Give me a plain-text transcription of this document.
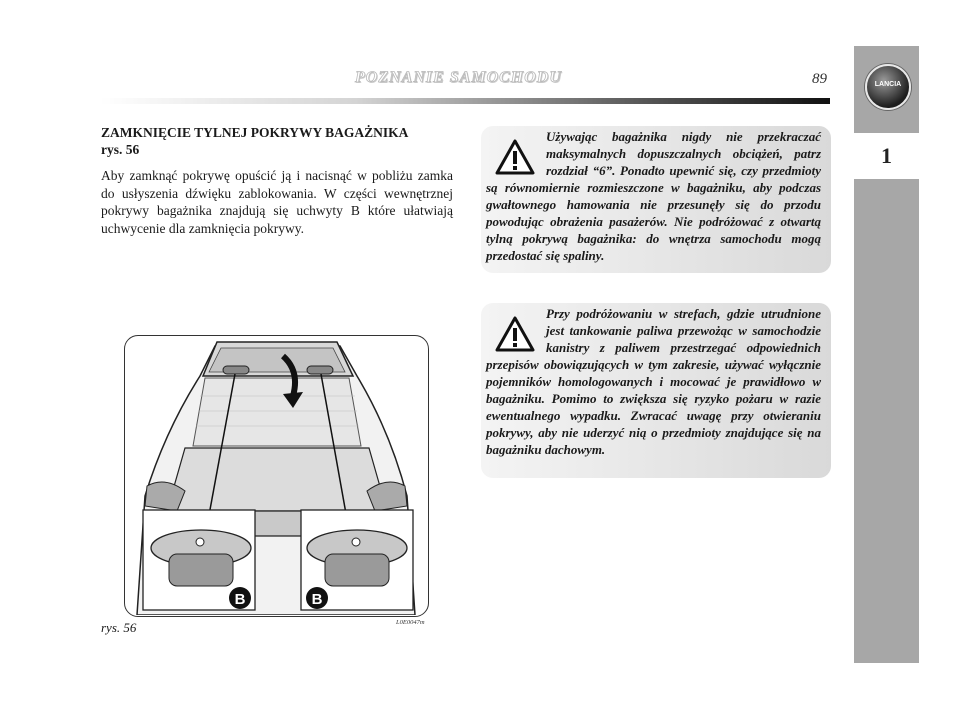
POZNANIE SAMOCHODU	89	LANCIA
1
ZAMKNIĘCIE TYLNEJ POKRYWY BAGAŻNIKA
rys. 56
Aby zamknąć pokrywę opuścić ją i nacisnąć w pobliżu zamka do usłyszenia dźwięku zablokowania. W części wewnętrznej pokrywy bagażnika znajdują się uchwyty B które ułatwiają uchwycenie dla zamknięcia pokrywy.
Używając bagażnika nigdy nie przekraczać maksymalnych dopuszczalnych obciążeń, patrz rozdział “6”. Ponadto upewnić się, czy przedmioty są równomiernie rozmieszczone w bagażniku, aby podczas gwałtownego hamowania nie przesunęły się do przodu powodując obrażenia pasażerów. Nie podróżować z otwartą tylną pokrywą bagażnika: do wnętrza samochodu mogą przedostać się spaliny.
Przy podróżowaniu w strefach, gdzie utrudnione jest tankowanie paliwa przewożąc w samochodzie kanistry z paliwem przestrzegać odpowiednich przepisów obowiązujących w tym zakresie, używać wyłącznie pojemników homologowanych i mocować je prawidłowo w bagażniku. Pomimo to zwiększa się ryzyko pożaru w razie ewentualnego wypadku. Zwracać uwagę przy otwieraniu pokrywy, aby nie uderzyć nią o przedmioty znajdujące się na bagażniku dachowym.
B	B
rys. 56	L0E0047m
